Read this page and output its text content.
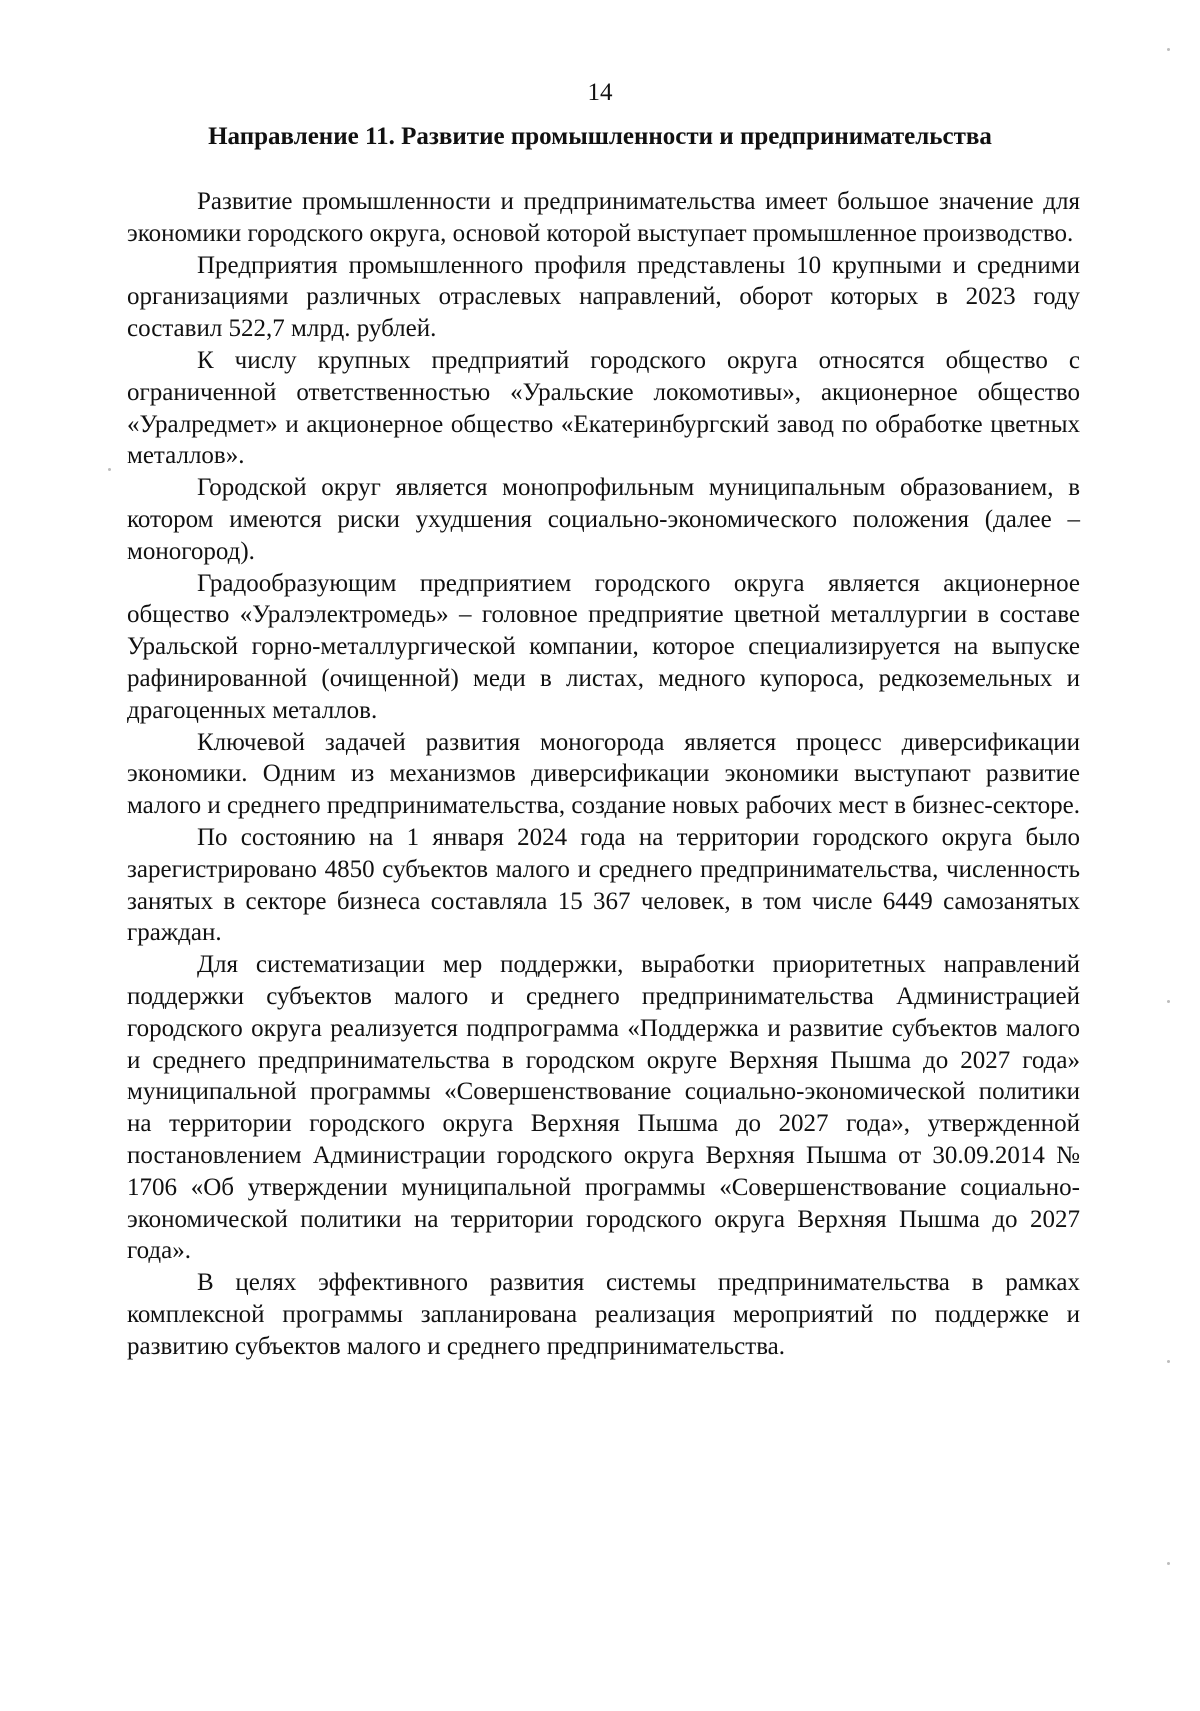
14
Направление 11. Развитие промышленности и предпринимательства

Развитие промышленности и предпринимательства имеет большое значение для экономики городского округа, основой которой выступает промышленное производство.

Предприятия промышленного профиля представлены 10 крупными и средними организациями различных отраслевых направлений, оборот которых в 2023 году составил 522,7 млрд. рублей.

К числу крупных предприятий городского округа относятся общество с ограниченной ответственностью «Уральские локомотивы», акционерное общество «Уралредмет» и акционерное общество «Екатеринбургский завод по обработке цветных металлов».

Городской округ является монопрофильным муниципальным образованием, в котором имеются риски ухудшения социально-экономического положения (далее – моногород).

Градообразующим предприятием городского округа является акционерное общество «Уралэлектромедь» – головное предприятие цветной металлургии в составе Уральской горно-металлургической компании, которое специализируется на выпуске рафинированной (очищенной) меди в листах, медного купороса, редкоземельных и драгоценных металлов.

Ключевой задачей развития моногорода является процесс диверсификации экономики. Одним из механизмов диверсификации экономики выступают развитие малого и среднего предпринимательства, создание новых рабочих мест в бизнес-секторе.

По состоянию на 1 января 2024 года на территории городского округа было зарегистрировано 4850 субъектов малого и среднего предпринимательства, численность занятых в секторе бизнеса составляла 15 367 человек, в том числе 6449 самозанятых граждан.

Для систематизации мер поддержки, выработки приоритетных направлений поддержки субъектов малого и среднего предпринимательства Администрацией городского округа реализуется подпрограмма «Поддержка и развитие субъектов малого и среднего предпринимательства в городском округе Верхняя Пышма до 2027 года» муниципальной программы «Совершенствование социально-экономической политики на территории городского округа Верхняя Пышма до 2027 года», утвержденной постановлением Администрации городского округа Верхняя Пышма от 30.09.2014 № 1706 «Об утверждении муниципальной программы «Совершенствование социально-экономической политики на территории городского округа Верхняя Пышма до 2027 года».

В целях эффективного развития системы предпринимательства в рамках комплексной программы запланирована реализация мероприятий по поддержке и развитию субъектов малого и среднего предпринимательства.
